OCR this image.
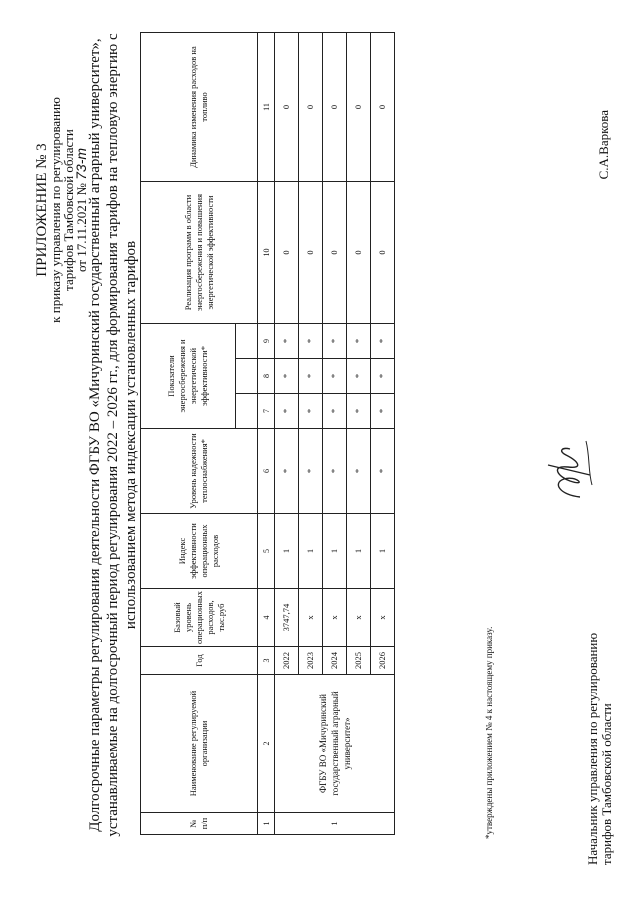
ПРИЛОЖЕНИЕ № 3
к приказу управления по регулированию
тарифов Тамбовской области
от 17.11.2021 № 73-т
Долгосрочные параметры регулирования деятельности ФГБУ ВО «Мичуринский государственный аграрный университет», устанавливаемые на долгосрочный период регулирования 2022 – 2026 гг., для формирования тарифов на тепловую энергию с использованием метода индексации установленных тарифов
№ п/п	Наименование регулируемой организации	Год	Базовый уровень операционных расходов, тыс.руб	Индекс эффективности операционных расходов	Уровень надежности теплоснабжения*	Показатели энергосбережения и энергетической эффективности*			Реализация программ в области энергосбережения и повышения энергетической эффективности	Динамика изменения расходов на топливо

1	2	3	4	5	6	7	8	9	10	11
1	ФГБУ ВО «Мичуринский государственный аграрный университет»	2022	3747,74	1	*	*	*	*	0	0
		2023	x	1	*	*	*	*	0	0
		2024	x	1	*	*	*	*	0	0
		2025	x	1	*	*	*	*	0	0
		2026	x	1	*	*	*	*	0	0
*утверждены приложением № 4 к настоящему приказу.	Начальник управления по регулированию тарифов Тамбовской области
С.А.Варкова
